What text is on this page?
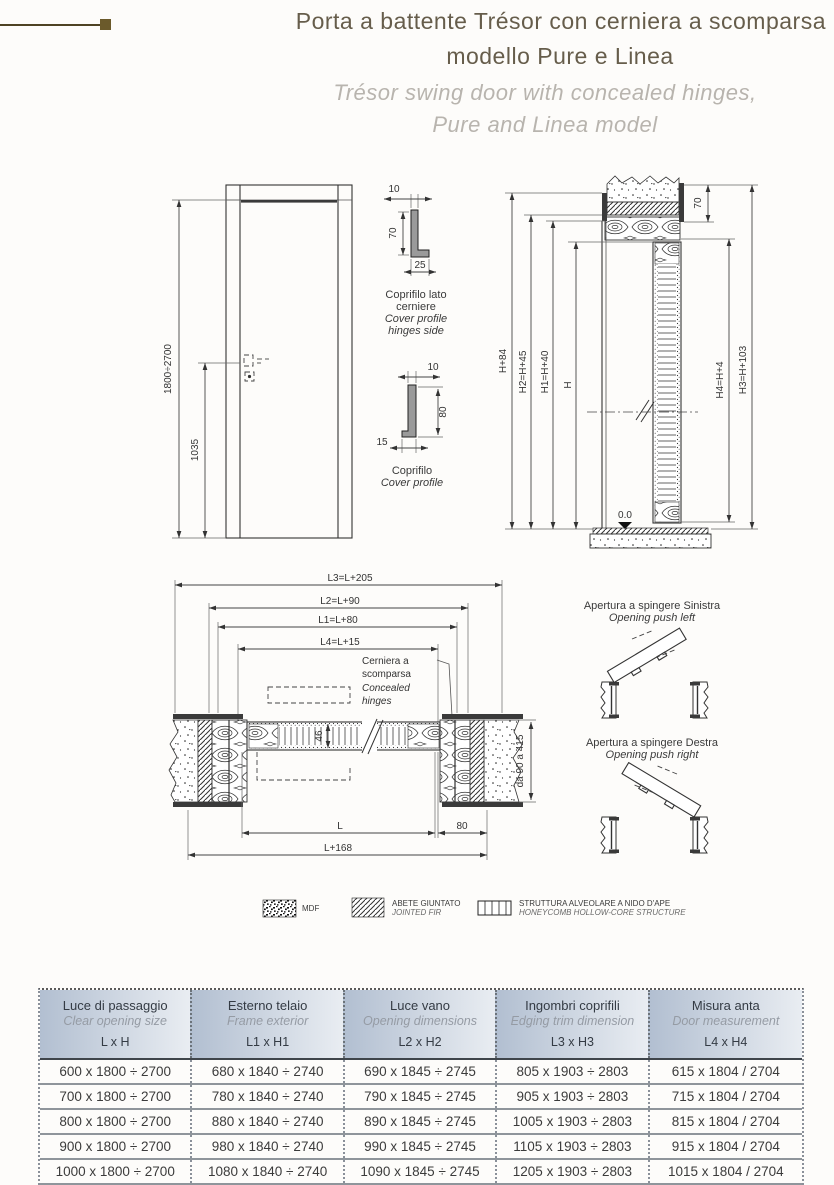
Porta a battente Trésor con cerniera a scomparsa
modello Pure e Linea
Trésor swing door with concealed hinges,
Pure and Linea model
1800÷2700
1035
10
70
25
Coprifilo lato
cerniere
Cover profile
hinges side
10
80
15
Coprifilo
Cover profile
0.0
H+84 H2=H+45 H1=H+40 H
70
H4=H+4 H3=H+103
L3=L+205
L2=L+90
L1=L+80
L4=L+15
Cerniera a
scomparsa
Concealed
hinges
46	da 90 a 415
L	80
L+168
Apertura a spingere Sinistra
Opening push left
Apertura a spingere Destra
Opening push right
MDF
ABETE GIUNTATO
JOINTED FIR
STRUTTURA ALVEOLARE A NIDO D'APE
HONEYCOMB HOLLOW-CORE STRUCTURE
Luce di passaggio
Clear opening size
L x H
Esterno telaio
Frame exterior
L1 x H1
Luce vano
Opening dimensions
L2 x H2
Ingombri coprifili
Edging trim dimension
L3 x H3
Misura anta
Door measurement
L4 x H4
600 x 1800 ÷ 2700	680 x 1840 ÷ 2740	690 x 1845 ÷ 2745	805 x 1903 ÷ 2803	615 x 1804 / 2704
700 x 1800 ÷ 2700	780 x 1840 ÷ 2740	790 x 1845 ÷ 2745	905 x 1903 ÷ 2803	715 x 1804 / 2704
800 x 1800 ÷ 2700	880 x 1840 ÷ 2740	890 x 1845 ÷ 2745	1005 x 1903 ÷ 2803	815 x 1804 / 2704
900 x 1800 ÷ 2700	980 x 1840 ÷ 2740	990 x 1845 ÷ 2745	1105 x 1903 ÷ 2803	915 x 1804 / 2704
1000 x 1800 ÷ 2700	1080 x 1840 ÷ 2740	1090 x 1845 ÷ 2745	1205 x 1903 ÷ 2803	1015 x 1804 / 2704
